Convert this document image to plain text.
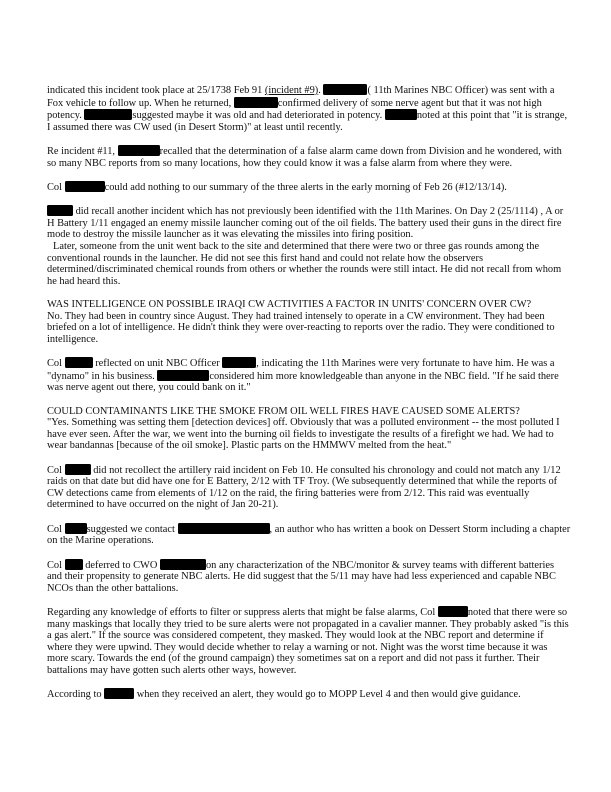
indicated this incident took place at 25/1738 Feb 91 (incident #9).	( 11th Marines NBC Officer) was sent with a Fox vehicle to follow up. When he returned,	confirmed delivery of some nerve agent but that it was not high potency.	suggested maybe it was old and had deteriorated in potency.	noted at this point that "it is strange, I assumed there was CW used (in Desert Storm)" at least until recently.

Re incident #11,	recalled that the determination of a false alarm came down from Division and he wondered, with so many NBC reports from so many locations, how they could know it was a false alarm from where they were.

Col	could add nothing to our summary of the three alerts in the early morning of Feb 26 (#12/13/14).

did recall another incident which has not previously been identified with the 11th Marines. On Day 2 (25/1114) , A or H Battery 1/11 engaged an enemy missile launcher coming out of the oil fields. The battery used their guns in the direct fire mode to destroy the missile launcher as it was elevating the missiles into firing position.

Later, someone from the unit went back to the site and determined that there were two or three gas rounds among the conventional rounds in the launcher. He did not see this first hand and could not relate how the observers determined/discriminated chemical rounds from others or whether the rounds were still intact. He did not recall from whom he had heard this.

WAS INTELLIGENCE ON POSSIBLE IRAQI CW ACTIVITIES A FACTOR IN UNITS' CONCERN OVER CW?
No. They had been in country since August. They had trained intensely to operate in a CW environment. They had been briefed on a lot of intelligence. He didn't think they were over-reacting to reports over the radio. They were conditioned to intelligence.

Col	reflected on unit NBC Officer	, indicating the 11th Marines were very fortunate to have him. He was a "dynamo" in his business.	considered him more knowledgeable than anyone in the NBC field. "If he said there was nerve agent out there, you could bank on it."

COULD CONTAMINANTS LIKE THE SMOKE FROM OIL WELL FIRES HAVE CAUSED SOME ALERTS?
"Yes. Something was setting them [detection devices] off. Obviously that was a polluted environment -- the most polluted I have ever seen. After the war, we went into the burning oil fields to investigate the results of a firefight we had. We had to wear bandannas [because of the oil smoke]. Plastic parts on the HMMWV melted from the heat."

Col	did not recollect the artillery raid incident on Feb 10. He consulted his chronology and could not match any 1/12 raids on that date but did have one for E Battery, 2/12 with TF Troy. (We subsequently determined that while the reports of CW detections came from elements of 1/12 on the raid, the firing batteries were from 2/12. This raid was eventually determined to have occurred on the night of Jan 20-21).

Col suggested we contact	, an author who has written a book on Dessert Storm including a chapter on the Marine operations.

Col  deferred to CWO	on any characterization of the NBC/monitor & survey teams with different batteries and their propensity to generate NBC alerts. He did suggest that the 5/11 may have had less experienced and capable NBC NCOs than the other battalions.

Regarding any knowledge of efforts to filter or suppress alerts that might be false alarms, Col	noted that there were so many maskings that locally they tried to be sure alerts were not propagated in a cavalier manner. They probably asked "is this a gas alert." If the source was considered competent, they masked. They would look at the NBC report and determine if where they were upwind. They would decide whether to relay a warning or not. Night was the worst time because it was more scary. Towards the end (of the ground campaign) they sometimes sat on a report and did not pass it further. Their battalions may have gotten such alerts other ways, however.

According to	when they received an alert, they would go to MOPP Level 4 and then would give guidance.
